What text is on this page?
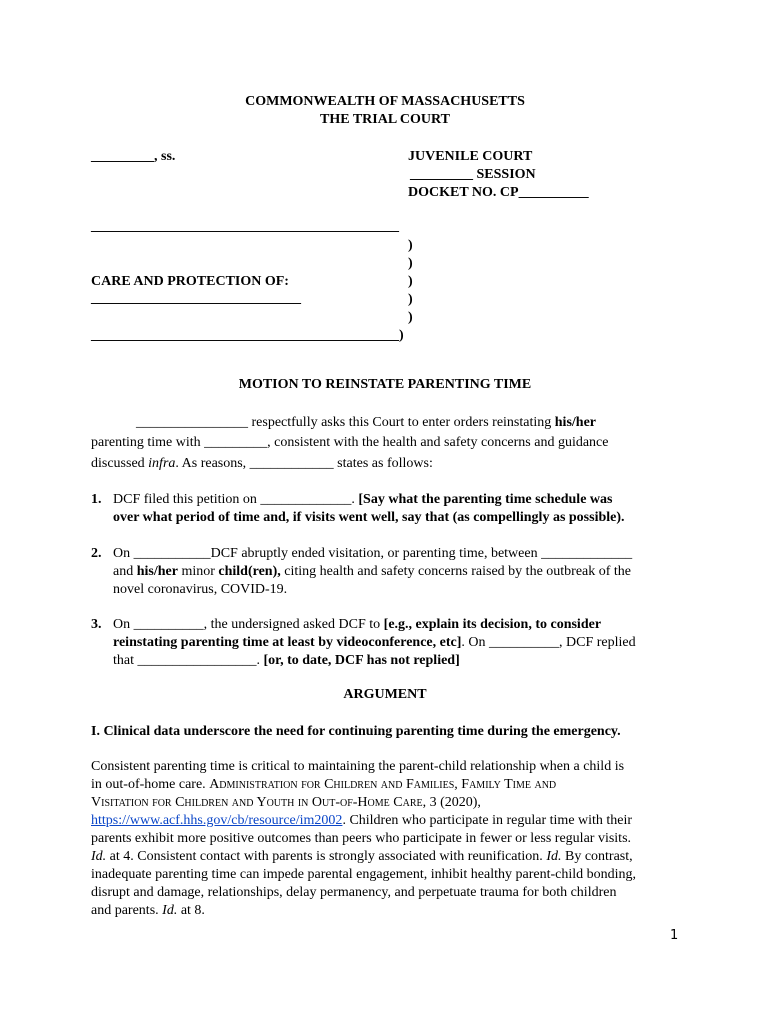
COMMONWEALTH OF MASSACHUSETTS
THE TRIAL COURT
_________, ss.	JUVENILE COURT
_________ SESSION
DOCKET NO. CP__________
____________________________________________
)
)
CARE AND PROTECTION OF:	)
______________________________	)
)
____________________________________________)
MOTION TO REINSTATE PARENTING TIME
________________ respectfully asks this Court to enter orders reinstating his/her
parenting time with _________, consistent with the health and safety concerns and guidance
discussed infra. As reasons, ____________ states as follows:
1. DCF filed this petition on _____________. [Say what the parenting time schedule was
over what period of time and, if visits went well, say that (as compellingly as possible).
2. On ___________DCF abruptly ended visitation, or parenting time, between _____________
and his/her minor child(ren), citing health and safety concerns raised by the outbreak of the
novel coronavirus, COVID-19.
3. On __________, the undersigned asked DCF to [e.g., explain its decision, to consider
reinstating parenting time at least by videoconference, etc]. On __________, DCF replied
that _________________. [or, to date, DCF has not replied]
ARGUMENT
I. Clinical data underscore the need for continuing parenting time during the emergency.
Consistent parenting time is critical to maintaining the parent-child relationship when a child is
in out-of-home care. Administration for Children and Families, Family Time and
Visitation for Children and Youth in Out-of-Home Care, 3 (2020),
https://www.acf.hhs.gov/cb/resource/im2002. Children who participate in regular time with their
parents exhibit more positive outcomes than peers who participate in fewer or less regular visits.
Id. at 4. Consistent contact with parents is strongly associated with reunification. Id. By contrast,
inadequate parenting time can impede parental engagement, inhibit healthy parent-child bonding,
disrupt and damage, relationships, delay permanency, and perpetuate trauma for both children
and parents. Id. at 8.
1
